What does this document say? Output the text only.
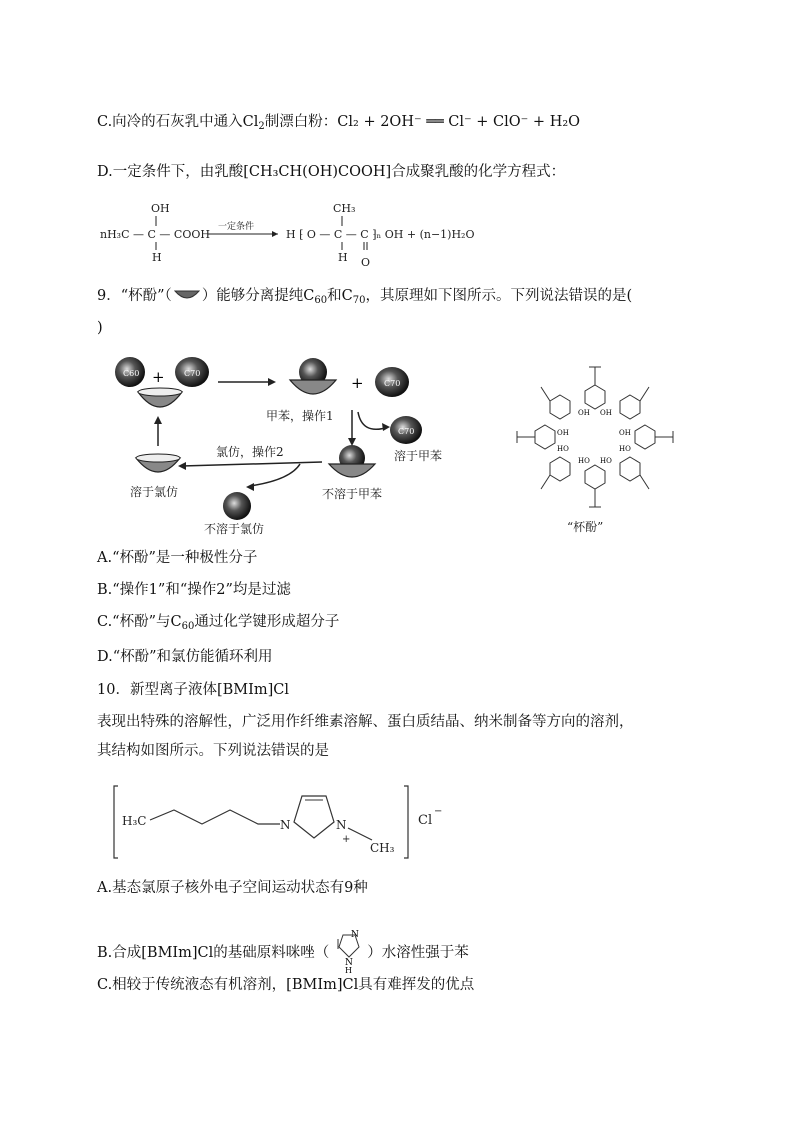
C.向冷的石灰乳中通入$Cl_2$制漂白粉：Cl₂ + 2OH⁻ ══ Cl⁻ + ClO⁻ + H₂O
D.一定条件下，由乳酸[CH₃CH(OH)COOH]合成聚乳酸的化学方程式：
OH
nH₃C — C — COOH
H
一定条件
CH₃
H ⁅ O — C — C ⁆ₙ OH + (n−1)H₂O
H O
9．“杯酚”（ ）能够分离提纯$C_{60}$和$C_{70}$，其原理如下图所示。下列说法错误的是(
)
C60 + C70
+	C70
甲苯，操作1
C70
溶于甲苯
不溶于甲苯
氯仿，操作2
不溶于氯仿
溶于氯仿
OH OH
OH	OH
HO	HO
HO HO
“杯酚”
A.“杯酚”是一种极性分子
B.“操作1”和“操作2”均是过滤
C.“杯酚”与$C_{60}$通过化学键形成超分子
D.“杯酚”和氯仿能循环利用
10．新型离子液体[BMIm]Cl
表现出特殊的溶解性，广泛用作纤维素溶解、蛋白质结晶、纳米制备等方向的溶剂，
其结构如图所示。下列说法错误的是
H₃C	N	N
+
CH₃
Cl
−
A.基态氯原子核外电子空间运动状态有9种
B.合成[BMIm]Cl的基础原料咪唑（
N
N
H
）水溶性强于苯
C.相较于传统液态有机溶剂，[BMIm]Cl具有难挥发的优点
